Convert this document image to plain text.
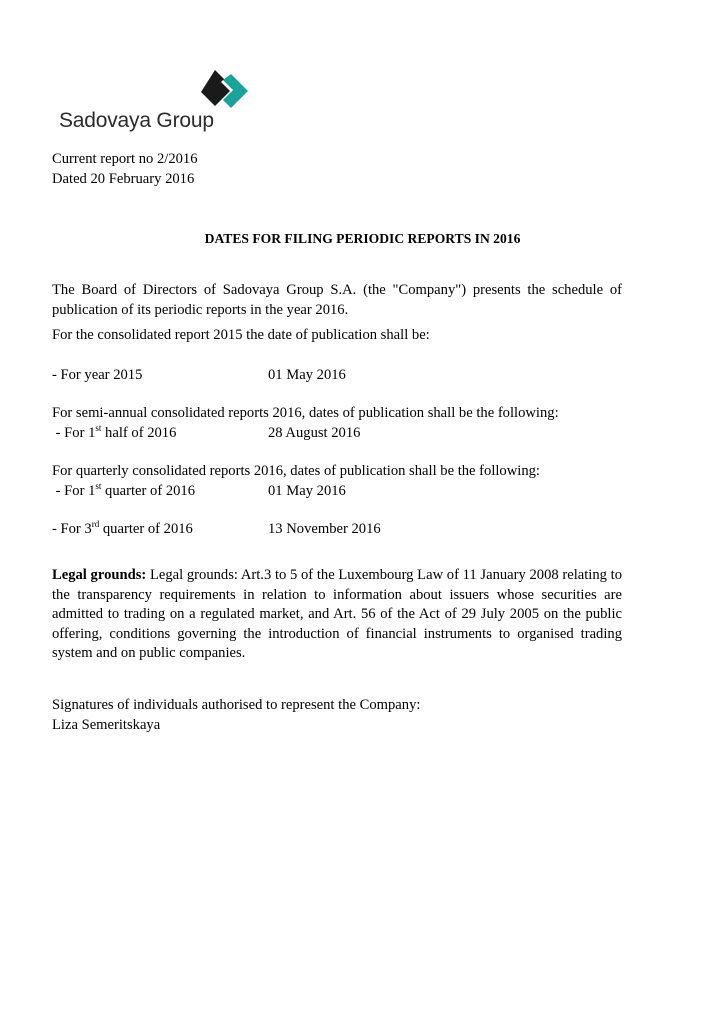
Sadovaya Group
Current report no 2/2016
Dated 20 February 2016
DATES FOR FILING PERIODIC REPORTS IN 2016
The Board of Directors of Sadovaya Group S.A. (the "Company") presents the schedule of publication of its periodic reports in the year 2016.
For the consolidated report 2015 the date of publication shall be:
- For year 2015	01 May 2016
For semi-annual consolidated reports 2016, dates of publication shall be the following:
- For 1st half of 2016	28 August 2016
For quarterly consolidated reports 2016, dates of publication shall be the following:
- For 1st quarter of 2016	01 May 2016
- For 3rd quarter of 2016	13 November 2016
Legal grounds: Legal grounds: Art.3 to 5 of the Luxembourg Law of 11 January 2008 relating to the transparency requirements in relation to information about issuers whose securities are admitted to trading on a regulated market, and Art. 56 of the Act of 29 July 2005 on the public offering, conditions governing the introduction of financial instruments to organised trading system and on public companies.
Signatures of individuals authorised to represent the Company:
Liza Semeritskaya
